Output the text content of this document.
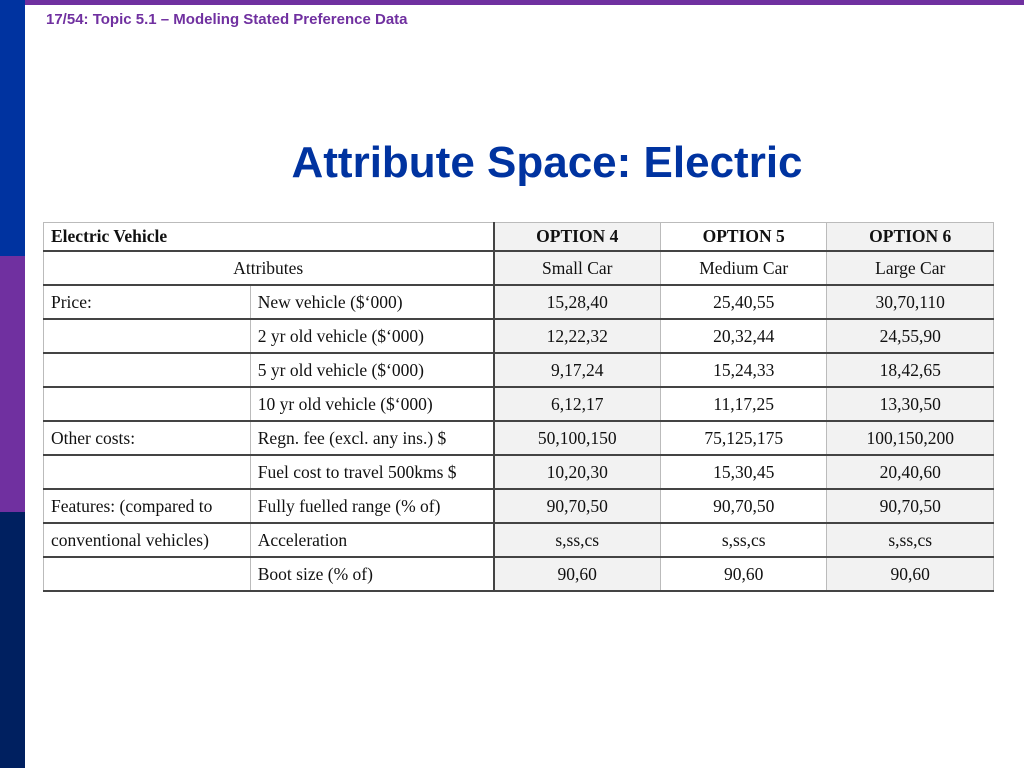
17/54: Topic 5.1 – Modeling Stated Preference Data
Attribute Space: Electric
Electric Vehicle		OPTION 4	OPTION 5	OPTION 6
Attributes		Small Car	Medium Car	Large Car
Price:	New vehicle ($‘000)	15,28,40	25,40,55	30,70,110
	2 yr old vehicle ($‘000)	12,22,32	20,32,44	24,55,90
	5 yr old vehicle ($‘000)	9,17,24	15,24,33	18,42,65
	10 yr old vehicle ($‘000)	6,12,17	11,17,25	13,30,50
Other costs:	Regn. fee (excl. any ins.) $	50,100,150	75,125,175	100,150,200
	Fuel cost to travel 500kms $	10,20,30	15,30,45	20,40,60
Features: (compared to	Fully fuelled range (% of)	90,70,50	90,70,50	90,70,50
conventional vehicles)	Acceleration	s,ss,cs	s,ss,cs	s,ss,cs
	Boot size (% of)	90,60	90,60	90,60
